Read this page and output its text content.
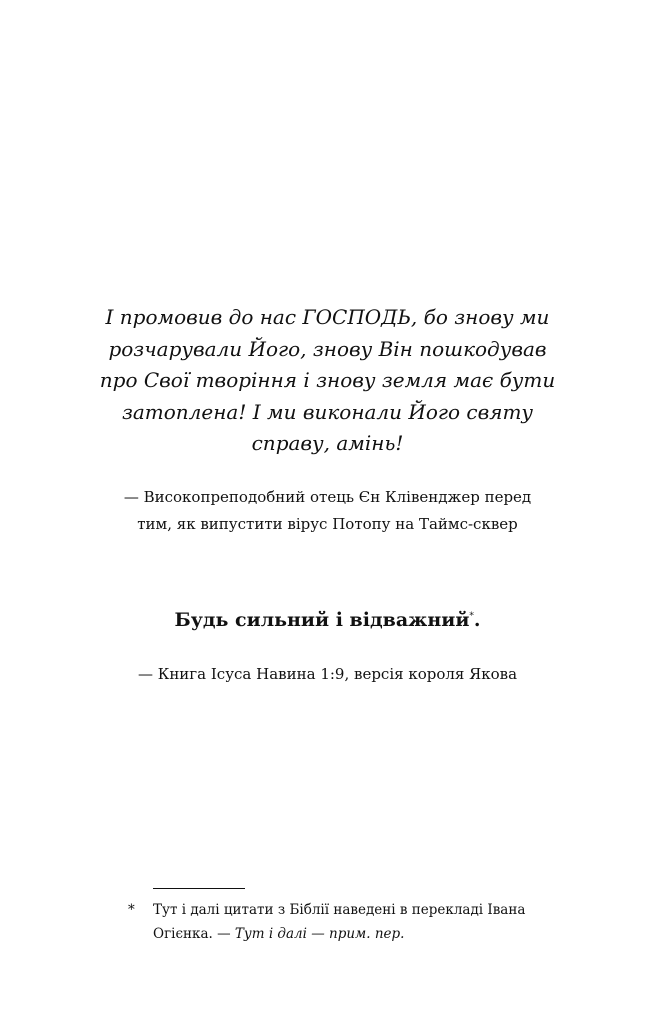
І промовив до нас ГОСПОДЬ, бо знову ми
розчарували Його, знову Він пошкодував
про Свої творіння і знову земля має бути
затоплена! І ми виконали Його святу
справу, амінь!
— Високопреподобний отець Єн Клівенджер перед
тим, як випустити вірус Потопу на Таймс-сквер
Будь сильний і відважний*.
— Книга Ісуса Навина 1:9, версія короля Якова
* Тут і далі цитати з Біблії наведені в перекладі Івана
Огієнка. — Тут і далі — прим. пер.
